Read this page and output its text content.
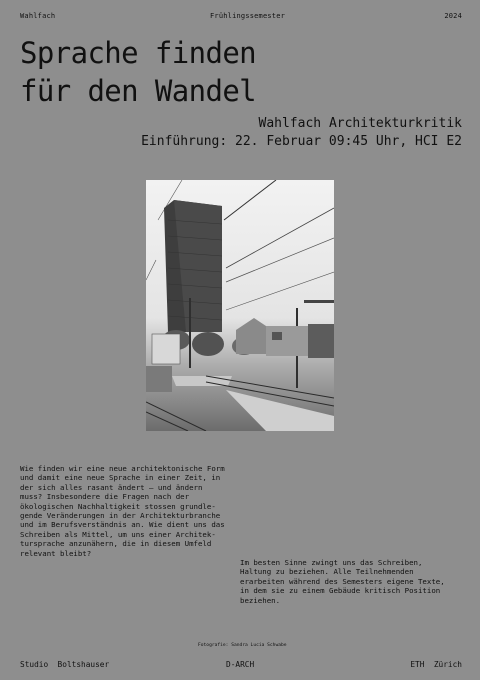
Wahlfach	Frühlingssemester	2024
Sprache finden
für den Wandel
Wahlfach Architekturkritik
Einführung: 22. Februar 09:45 Uhr, HCI E2
Wie finden wir eine neue architektonische Form
und damit eine neue Sprache in einer Zeit, in
der sich alles rasant ändert – und ändern
muss? Insbesondere die Fragen nach der
ökologischen Nachhaltigkeit stossen grundle-
gende Veränderungen in der Architekturbranche
und im Berufsverständnis an. Wie dient uns das
Schreiben als Mittel, um uns einer Architek-
tursprache anzunähern, die in diesem Umfeld
relevant bleibt?
Im besten Sinne zwingt uns das Schreiben,
Haltung zu beziehen. Alle Teilnehmenden
erarbeiten während des Semesters eigene Texte,
in dem sie zu einem Gebäude kritisch Position
beziehen.
Fotografie: Sandra Lucia Schwabe
Studio  Boltshauser	D-ARCH	ETH  Zürich
